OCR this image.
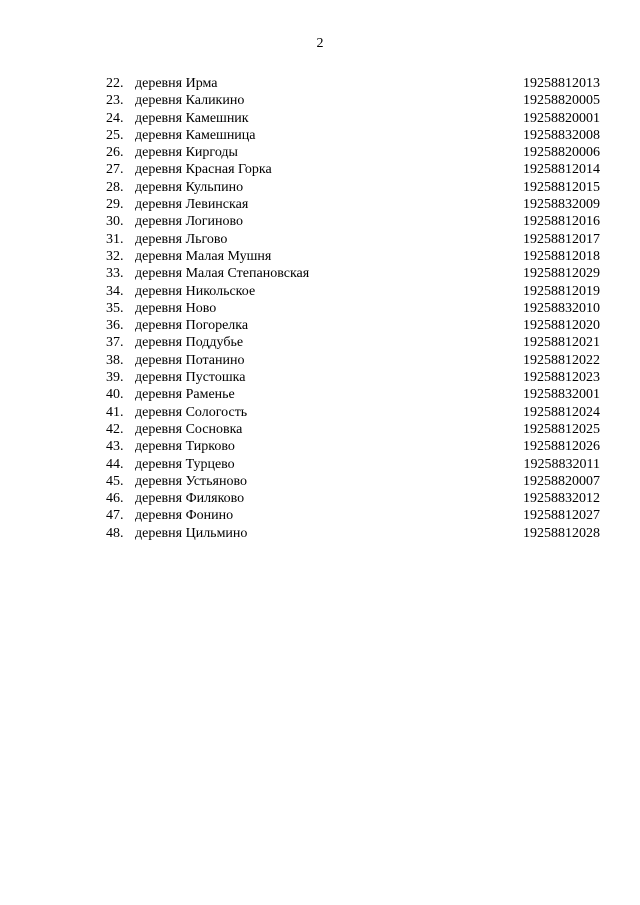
2
22. деревня Ирма	19258812013
23. деревня Каликино	19258820005
24. деревня Камешник	19258820001
25. деревня Камешница	19258832008
26. деревня Киргоды	19258820006
27. деревня Красная Горка	19258812014
28. деревня Кульпино	19258812015
29. деревня Левинская	19258832009
30. деревня Логиново	19258812016
31. деревня Льгово	19258812017
32. деревня Малая Мушня	19258812018
33. деревня Малая Степановская	19258812029
34. деревня Никольское	19258812019
35. деревня Ново	19258832010
36. деревня Погорелка	19258812020
37. деревня Поддубье	19258812021
38. деревня Потанино	19258812022
39. деревня Пустошка	19258812023
40. деревня Раменье	19258832001
41. деревня Сологость	19258812024
42. деревня Сосновка	19258812025
43. деревня Тирково	19258812026
44. деревня Турцево	19258832011
45. деревня Устьяново	19258820007
46. деревня Филяково	19258832012
47. деревня Фонино	19258812027
48. деревня Цильмино	19258812028
